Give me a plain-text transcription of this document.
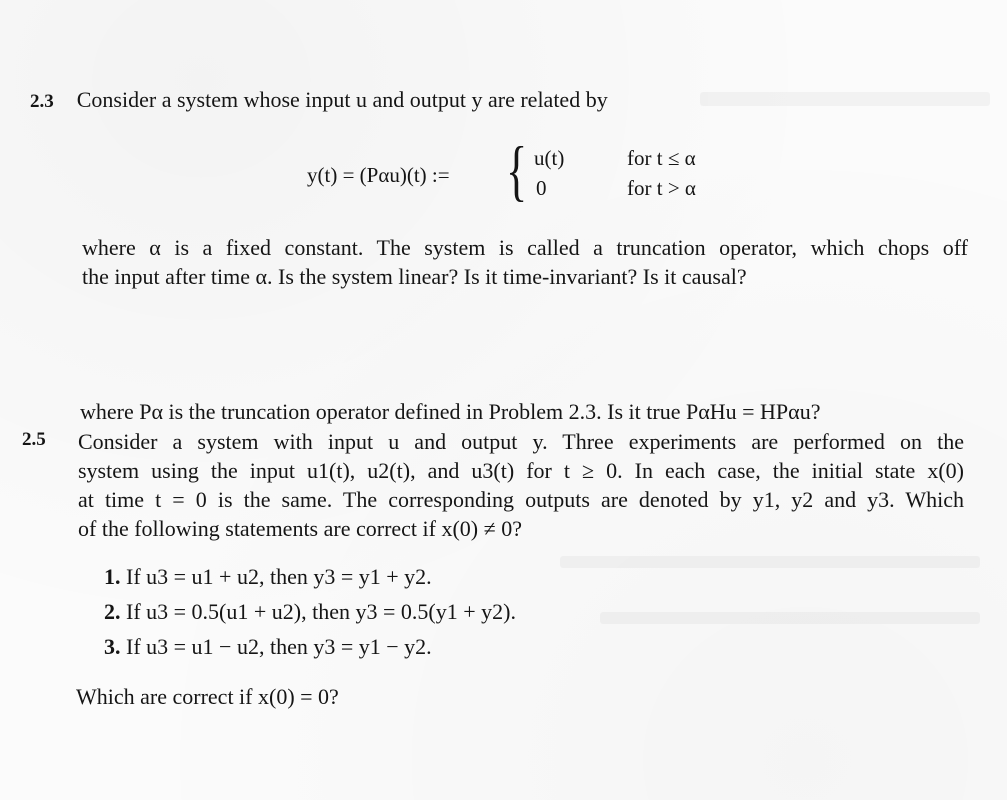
2.3 Consider a system whose input u and output y are related by
y(t) = (Pαu)(t) := { u(t)	for t ≤ α
0	for t > α
where α is a fixed constant. The system is called a truncation operator, which chops off
the input after time α. Is the system linear? Is it time-invariant? Is it causal?
where Pα is the truncation operator defined in Problem 2.3. Is it true PαHu = HPαu?
2.5 Consider a system with input u and output y. Three experiments are performed on the
system using the input u1(t), u2(t), and u3(t) for t ≥ 0. In each case, the initial state x(0)
at time t = 0 is the same. The corresponding outputs are denoted by y1, y2 and y3. Which
of the following statements are correct if x(0) ≠ 0?
1. If u3 = u1 + u2, then y3 = y1 + y2.
2. If u3 = 0.5(u1 + u2), then y3 = 0.5(y1 + y2).
3. If u3 = u1 − u2, then y3 = y1 − y2.
Which are correct if x(0) = 0?
